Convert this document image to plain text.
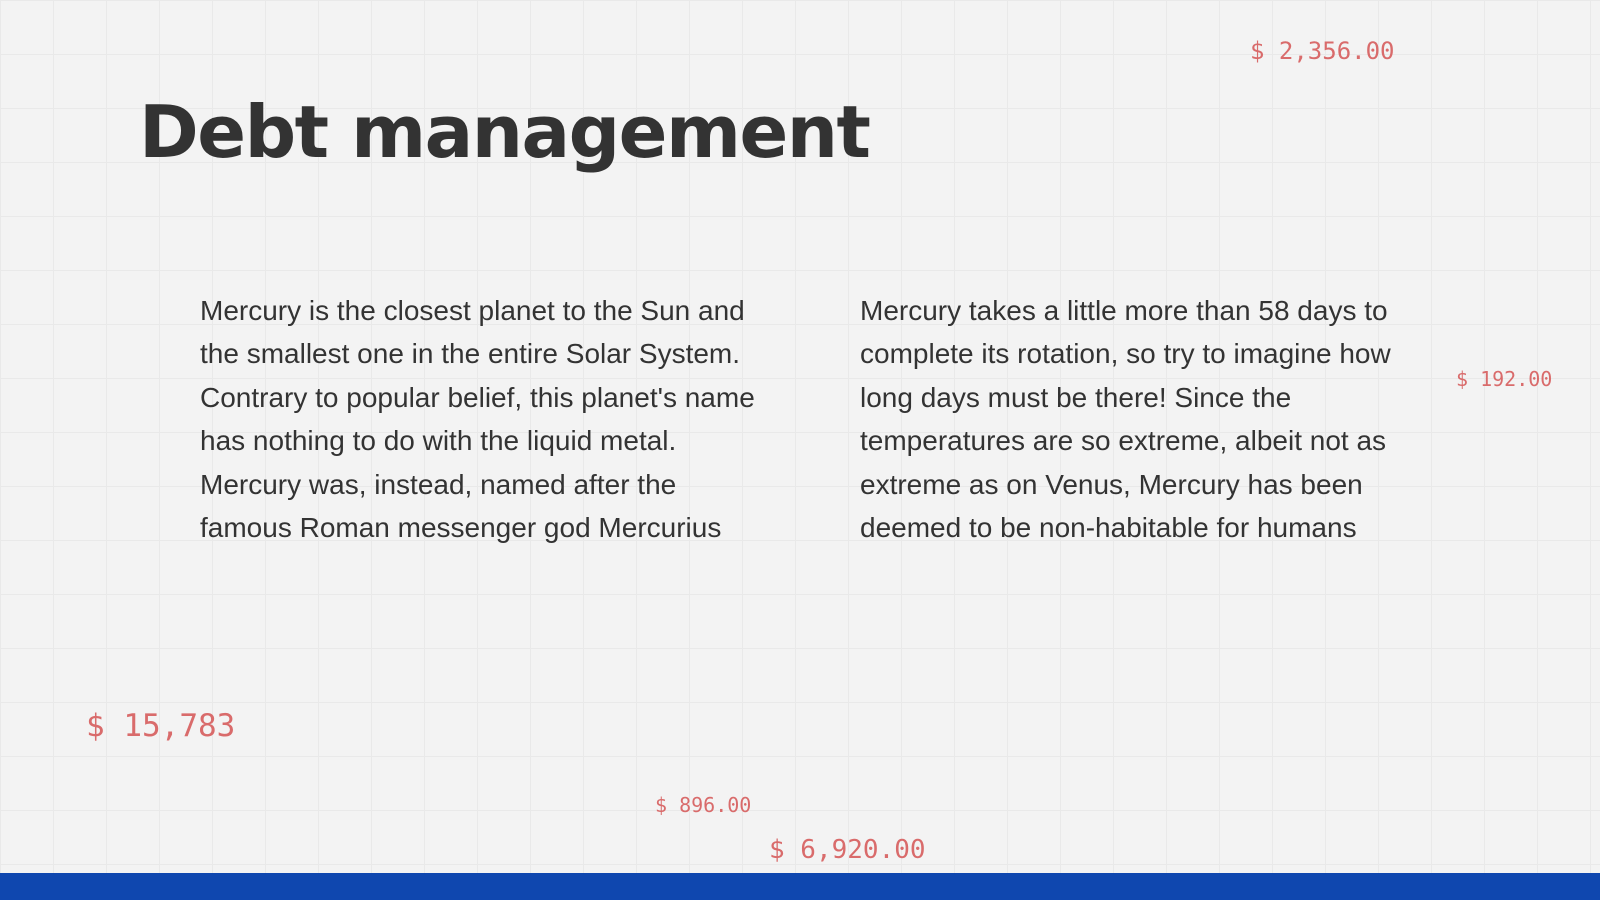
Debt management

Mercury is the closest planet to the Sun and the smallest one in the entire Solar System. Contrary to popular belief, this planet's name has nothing to do with the liquid metal. Mercury was, instead, named after the famous Roman messenger god Mercurius

Mercury takes a little more than 58 days to complete its rotation, so try to imagine how long days must be there! Since the temperatures are so extreme, albeit not as extreme as on Venus, Mercury has been deemed to be non-habitable for humans

$ 2,356.00
$ 192.00
$ 15,783
$ 896.00
$ 6,920.00
